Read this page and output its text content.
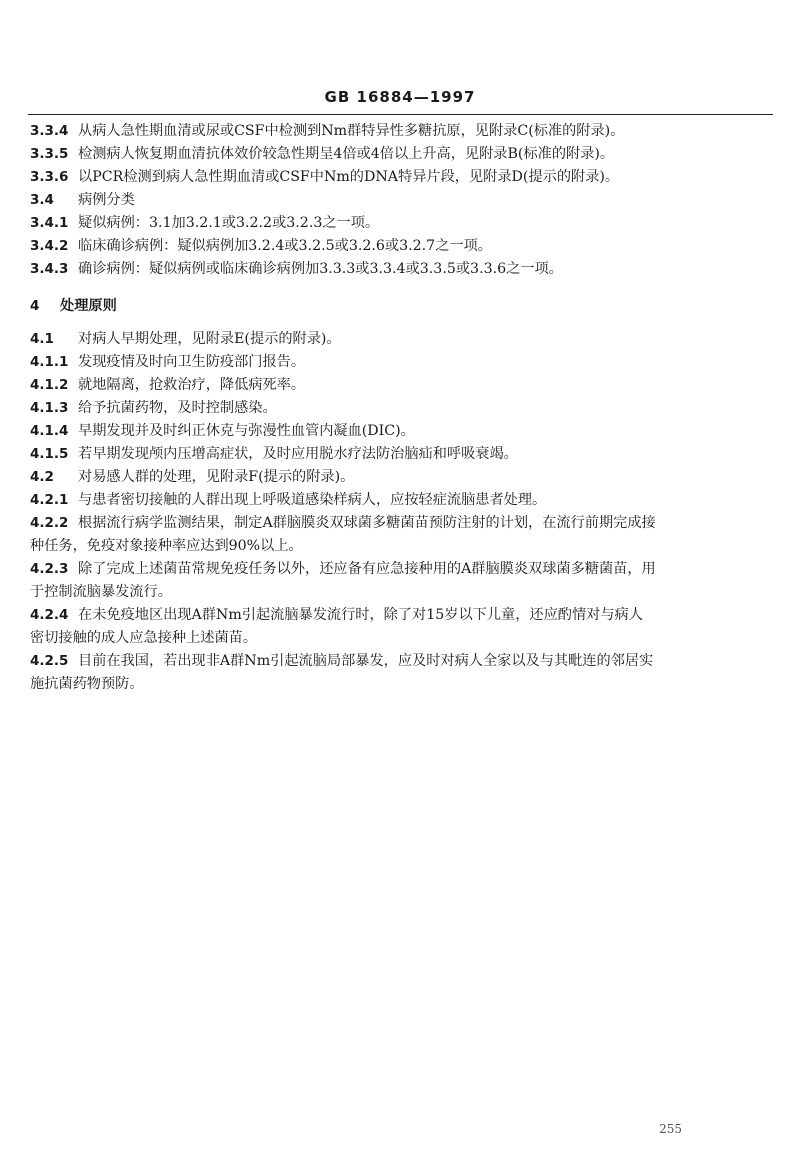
GB 16884—1997

3.3.4 从病人急性期血清或尿或CSF中检测到Nm群特异性多糖抗原，见附录C(标准的附录)。

3.3.5 检测病人恢复期血清抗体效价较急性期呈4倍或4倍以上升高，见附录B(标准的附录)。

3.3.6 以PCR检测到病人急性期血清或CSF中Nm的DNA特异片段，见附录D(提示的附录)。

3.4 病例分类

3.4.1 疑似病例：3.1加3.2.1或3.2.2或3.2.3之一项。

3.4.2 临床确诊病例：疑似病例加3.2.4或3.2.5或3.2.6或3.2.7之一项。

3.4.3 确诊病例：疑似病例或临床确诊病例加3.3.3或3.3.4或3.3.5或3.3.6之一项。

4 处理原则

4.1 对病人早期处理，见附录E(提示的附录)。

4.1.1 发现疫情及时向卫生防疫部门报告。

4.1.2 就地隔离，抢救治疗，降低病死率。

4.1.3 给予抗菌药物，及时控制感染。

4.1.4 早期发现并及时纠正休克与弥漫性血管内凝血(DIC)。

4.1.5 若早期发现颅内压增高症状，及时应用脱水疗法防治脑疝和呼吸衰竭。

4.2 对易感人群的处理，见附录F(提示的附录)。

4.2.1 与患者密切接触的人群出现上呼吸道感染样病人，应按轻症流脑患者处理。

4.2.2 根据流行病学监测结果，制定A群脑膜炎双球菌多糖菌苗预防注射的计划，在流行前期完成接

种任务，免疫对象接种率应达到90%以上。

4.2.3 除了完成上述菌苗常规免疫任务以外，还应备有应急接种用的A群脑膜炎双球菌多糖菌苗，用

于控制流脑暴发流行。

4.2.4 在未免疫地区出现A群Nm引起流脑暴发流行时，除了对15岁以下儿童，还应酌情对与病人

密切接触的成人应急接种上述菌苗。

4.2.5 目前在我国，若出现非A群Nm引起流脑局部暴发，应及时对病人全家以及与其毗连的邻居实

施抗菌药物预防。

255
